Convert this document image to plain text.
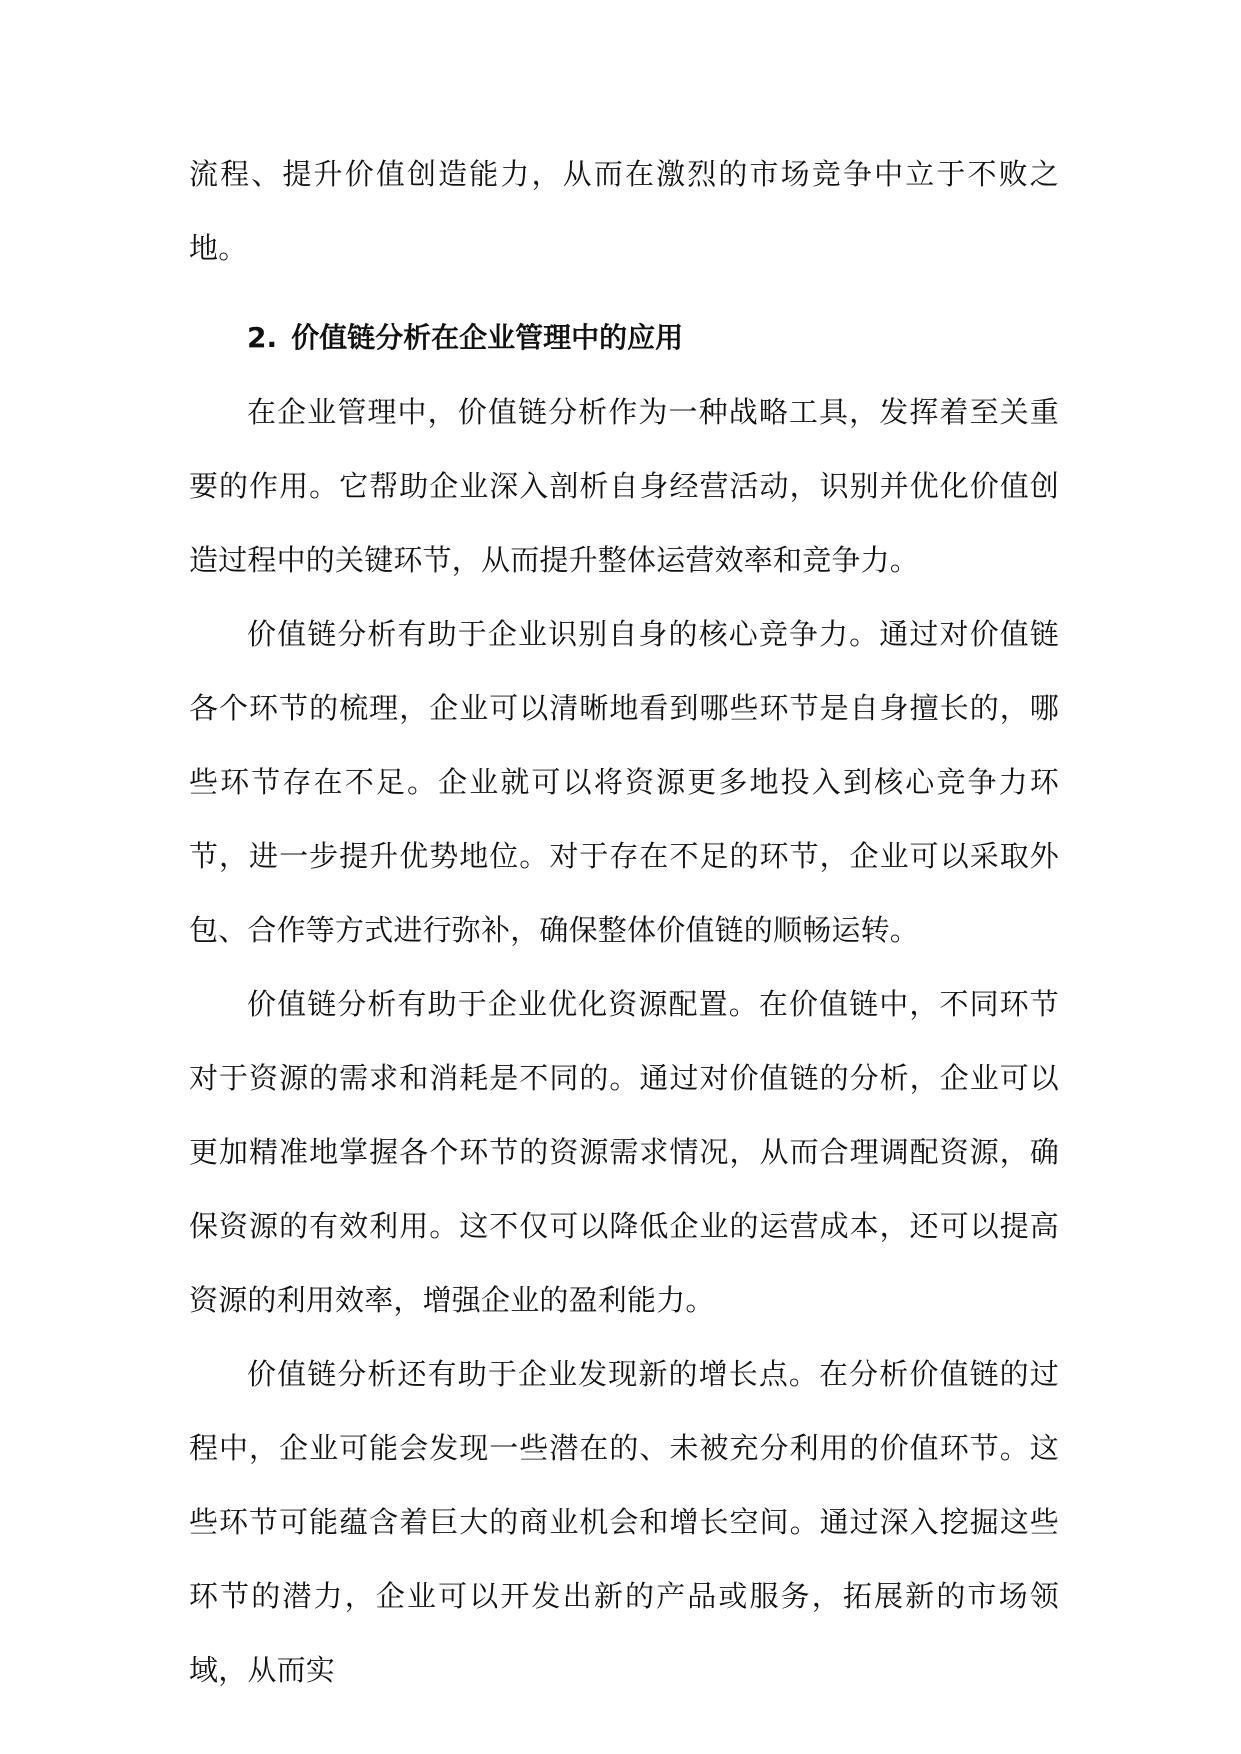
流程、提升价值创造能力，从而在激烈的市场竞争中立于不败之地。

2. 价值链分析在企业管理中的应用

在企业管理中，价值链分析作为一种战略工具，发挥着至关重要的作用。它帮助企业深入剖析自身经营活动，识别并优化价值创造过程中的关键环节，从而提升整体运营效率和竞争力。

价值链分析有助于企业识别自身的核心竞争力。通过对价值链各个环节的梳理，企业可以清晰地看到哪些环节是自身擅长的，哪些环节存在不足。企业就可以将资源更多地投入到核心竞争力环节，进一步提升优势地位。对于存在不足的环节，企业可以采取外包、合作等方式进行弥补，确保整体价值链的顺畅运转。

价值链分析有助于企业优化资源配置。在价值链中，不同环节对于资源的需求和消耗是不同的。通过对价值链的分析，企业可以更加精准地掌握各个环节的资源需求情况，从而合理调配资源，确保资源的有效利用。这不仅可以降低企业的运营成本，还可以提高资源的利用效率，增强企业的盈利能力。

价值链分析还有助于企业发现新的增长点。在分析价值链的过程中，企业可能会发现一些潜在的、未被充分利用的价值环节。这些环节可能蕴含着巨大的商业机会和增长空间。通过深入挖掘这些环节的潜力，企业可以开发出新的产品或服务，拓展新的市场领域，从而实
